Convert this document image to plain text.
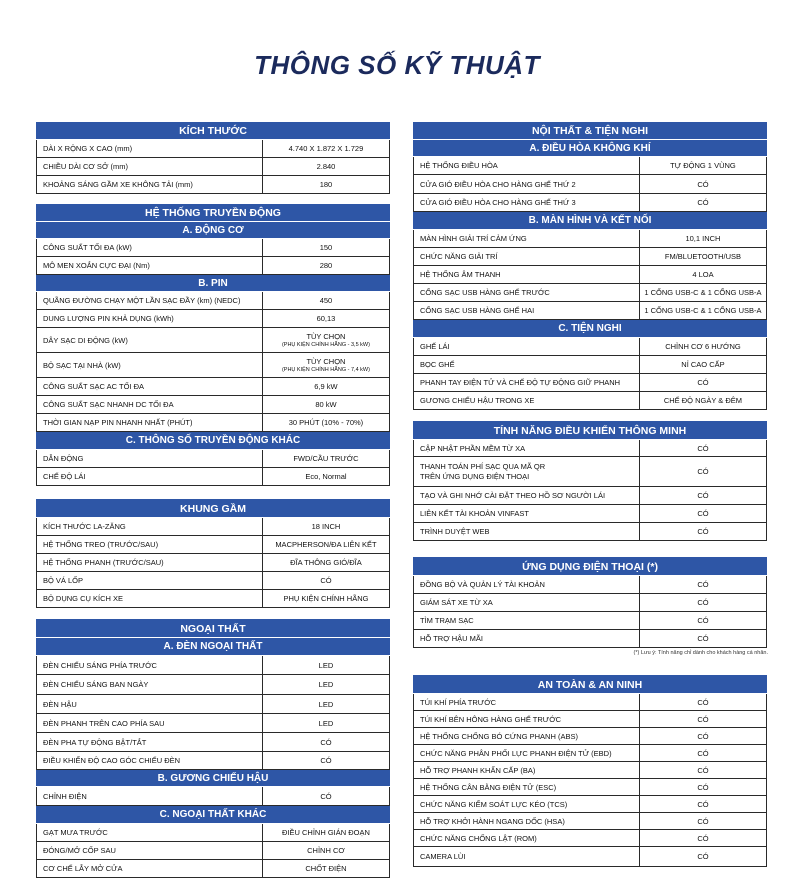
THÔNG SỐ KỸ THUẬT
KÍCH THƯỚC	
DÀI X RỘNG X CAO (mm)	4.740 X 1.872 X 1.729
CHIỀU DÀI CƠ SỞ (mm)	2.840
KHOẢNG SÁNG GẦM XE KHÔNG TẢI (mm)	180
HỆ THỐNG TRUYỀN ĐỘNG	
A. ĐỘNG CƠ	
CÔNG SUẤT TỐI ĐA (kW)	150
MÔ MEN XOẮN CỰC ĐẠI (Nm)	280
B. PIN	
QUÃNG ĐƯỜNG CHẠY MỘT LẦN SẠC ĐẦY (km) (NEDC)	450
DUNG LƯỢNG PIN KHẢ DỤNG (kWh)	60,13
DÂY SẠC DI ĐỘNG (kW)	TÙY CHỌN
(PHỤ KIỆN CHÍNH HÃNG - 3,5 kW)

BỘ SẠC TẠI NHÀ (kW)	TÙY CHỌN
(PHỤ KIỆN CHÍNH HÃNG - 7,4 kW)

CÔNG SUẤT SẠC AC TỐI ĐA	6,9 kW
CÔNG SUẤT SẠC NHANH DC TỐI ĐA	80 kW
THỜI GIAN NẠP PIN NHANH NHẤT (PHÚT)	30 PHÚT (10% - 70%)
C. THÔNG SỐ TRUYỀN ĐỘNG KHÁC	
DẪN ĐỘNG	FWD/CẦU TRƯỚC
CHẾ ĐỘ LÁI	Eco, Normal
KHUNG GẦM	
KÍCH THƯỚC LA-ZĂNG	18 INCH
HỆ THỐNG TREO (TRƯỚC/SAU)	MACPHERSON/ĐA LIÊN KẾT
HỆ THỐNG PHANH (TRƯỚC/SAU)	ĐĨA THÔNG GIÓ/ĐĨA
BỘ VÁ LỐP	CÓ
BỘ DỤNG CỤ KÍCH XE	PHỤ KIỆN CHÍNH HÃNG
NGOẠI THẤT	
A. ĐÈN NGOẠI THẤT	
ĐÈN CHIẾU SÁNG PHÍA TRƯỚC	LED
ĐÈN CHIẾU SÁNG BAN NGÀY	LED
ĐÈN HẬU	LED
ĐÈN PHANH TRÊN CAO PHÍA SAU	LED
ĐÈN PHA TỰ ĐỘNG BẬT/TẮT	CÓ
ĐIỀU KHIỂN ĐỘ CAO GÓC CHIẾU ĐÈN	CÓ
B. GƯƠNG CHIẾU HẬU	
CHỈNH ĐIỆN	CÓ
C. NGOẠI THẤT KHÁC	
GẠT MƯA TRƯỚC	ĐIỀU CHỈNH GIÁN ĐOẠN
ĐÓNG/MỞ CỐP SAU	CHỈNH CƠ
CƠ CHẾ LẪY MỞ CỬA	CHỐT ĐIỆN
NỘI THẤT & TIỆN NGHI	
A. ĐIỀU HÒA KHÔNG KHÍ	
HỆ THỐNG ĐIỀU HÒA	TỰ ĐỘNG 1 VÙNG
CỬA GIÓ ĐIỀU HÒA CHO HÀNG GHẾ THỨ 2	CÓ
CỬA GIÓ ĐIỀU HÒA CHO HÀNG GHẾ THỨ 3	CÓ
B. MÀN HÌNH VÀ KẾT NỐI	
MÀN HÌNH GIẢI TRÍ CẢM ỨNG	10,1 INCH
CHỨC NĂNG GIẢI TRÍ	FM/BLUETOOTH/USB
HỆ THỐNG ÂM THANH	4 LOA
CỔNG SẠC USB HÀNG GHẾ TRƯỚC	1 CỔNG USB-C & 1 CỔNG USB-A
CỔNG SẠC USB HÀNG GHẾ HAI	1 CỔNG USB-C & 1 CỔNG USB-A
C. TIỆN NGHI	
GHẾ LÁI	CHỈNH CƠ 6 HƯỚNG
BỌC GHẾ	NỈ CAO CẤP
PHANH TAY ĐIỆN TỬ VÀ CHẾ ĐỘ TỰ ĐỘNG GIỮ PHANH	CÓ
GƯƠNG CHIẾU HẬU TRONG XE	CHẾ ĐỘ NGÀY & ĐÊM
TÍNH NĂNG ĐIỀU KHIỂN THÔNG MINH	
CẬP NHẬT PHẦN MỀM TỪ XA	CÓ

THANH TOÁN PHÍ SẠC QUA MÃ QR
TRÊN ỨNG DỤNG ĐIỆN THOẠI	CÓ
TẠO VÀ GHI NHỚ CÀI ĐẶT THEO HỒ SƠ NGƯỜI LÁI	CÓ
LIÊN KẾT TÀI KHOẢN VINFAST	CÓ
TRÌNH DUYỆT WEB	CÓ
ỨNG DỤNG ĐIỆN THOẠI (*)	
ĐỒNG BỘ VÀ QUẢN LÝ TÀI KHOẢN	CÓ
GIÁM SÁT XE TỪ XA	CÓ
TÌM TRẠM SẠC	CÓ
HỖ TRỢ HẬU MÃI	CÓ
AN TOÀN & AN NINH	
TÚI KHÍ PHÍA TRƯỚC	CÓ
TÚI KHÍ BÊN HÔNG HÀNG GHẾ TRƯỚC	CÓ
HỆ THỐNG CHỐNG BÓ CỨNG PHANH (ABS)	CÓ
CHỨC NĂNG PHÂN PHỐI LỰC PHANH ĐIỆN TỬ (EBD)	CÓ
HỖ TRỢ PHANH KHẨN CẤP (BA)	CÓ
HỆ THỐNG CÂN BẰNG ĐIỆN TỬ (ESC)	CÓ
CHỨC NĂNG KIỂM SOÁT LỰC KÉO (TCS)	CÓ
HỖ TRỢ KHỞI HÀNH NGANG DỐC (HSA)	CÓ
CHỨC NĂNG CHỐNG LẬT (ROM)	CÓ
CAMERA LÙI	CÓ
(*) Lưu ý: Tính năng chỉ dành cho khách hàng cá nhân.
